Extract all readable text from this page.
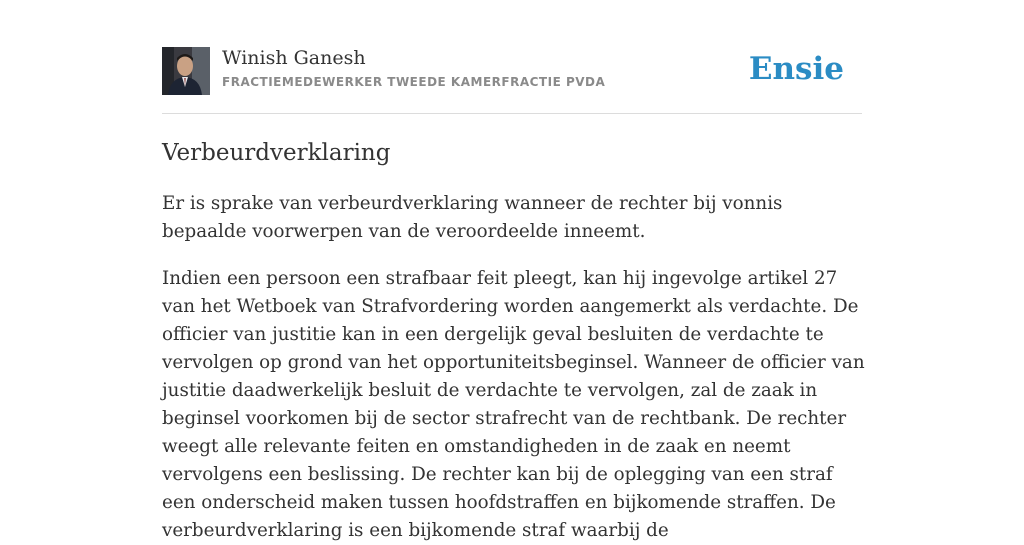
Winish Ganesh
FRACTIEMEDEWERKER TWEEDE KAMERFRACTIE PVDA	Ensie
Verbeurdverklaring

Er is sprake van verbeurdverklaring wanneer de rechter bij vonnis bepaalde voorwerpen van de veroordeelde inneemt.

Indien een persoon een strafbaar feit pleegt, kan hij ingevolge artikel 27 van het Wetboek van Strafvordering worden aangemerkt als verdachte. De officier van justitie kan in een dergelijk geval besluiten de verdachte te vervolgen op grond van het opportuniteitsbeginsel. Wanneer de officier van justitie daadwerkelijk besluit de verdachte te vervolgen, zal de zaak in beginsel voorkomen bij de sector strafrecht van de rechtbank. De rechter weegt alle relevante feiten en omstandigheden in de zaak en neemt vervolgens een beslissing. De rechter kan bij de oplegging van een straf een onderscheid maken tussen hoofdstraffen en bijkomende straffen. De verbeurdverklaring is een bijkomende straf waarbij de
